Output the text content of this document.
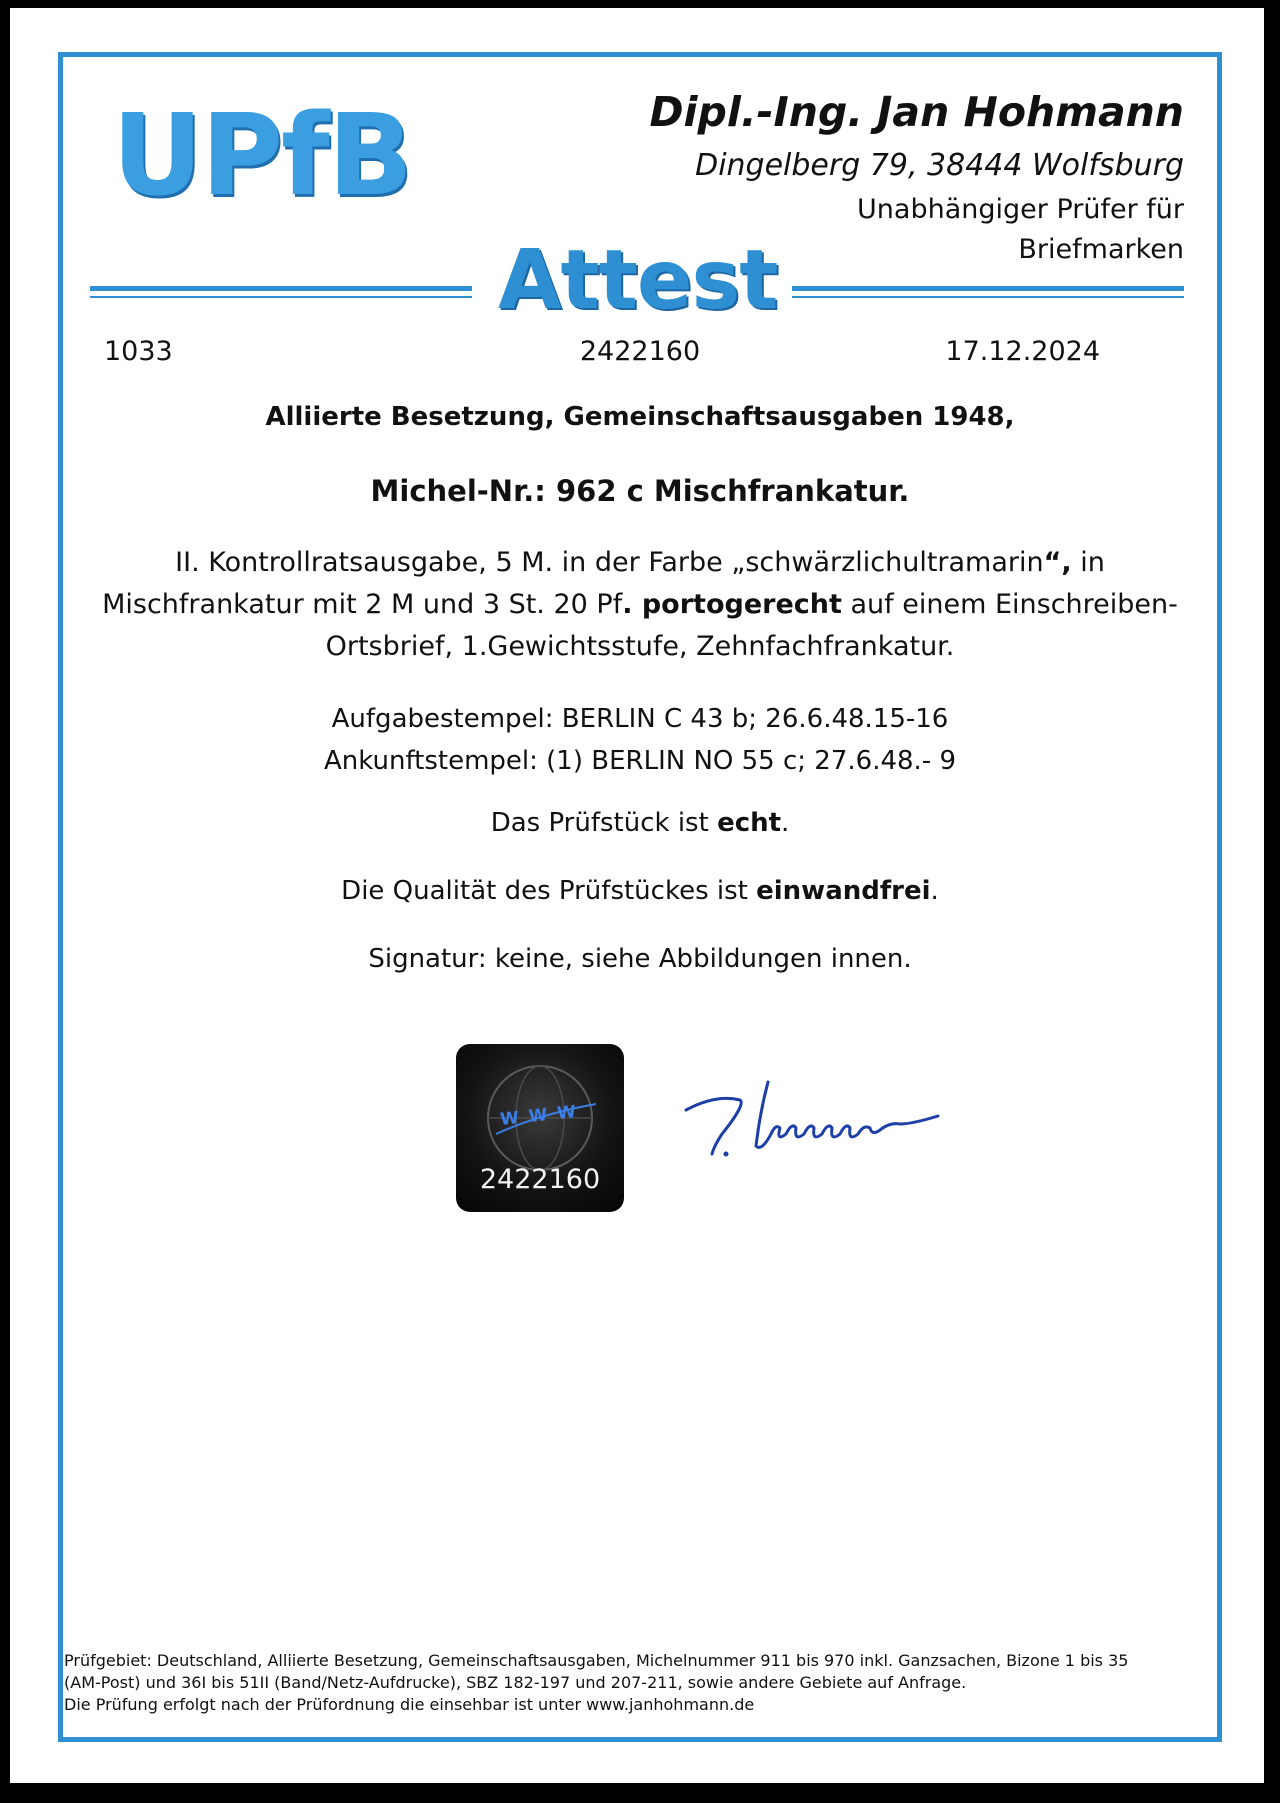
UPfB	Dipl.-Ing. Jan Hohmann
Dingelberg 79, 38444 Wolfsburg
Unabhängiger Prüfer für
Briefmarken
Attest
1033	2422160	17.12.2024
Alliierte Besetzung, Gemeinschaftsausgaben 1948,
Michel-Nr.: 962 c Mischfrankatur.
II. Kontrollratsausgabe, 5 M. in der Farbe „schwärzlichultramarin“, in
Mischfrankatur mit 2 M und 3 St. 20 Pf. portogerecht auf einem Einschreiben-
Ortsbrief, 1.Gewichtsstufe, Zehnfachfrankatur.
Aufgabestempel: BERLIN C 43 b; 26.6.48.15-16
Ankunftstempel: (1) BERLIN NO 55 c; 27.6.48.- 9
Das Prüfstück ist echt.
Die Qualität des Prüfstückes ist einwandfrei.
Signatur: keine, siehe Abbildungen innen.
W W W
2422160
Prüfgebiet: Deutschland, Alliierte Besetzung, Gemeinschaftsausgaben, Michelnummer 911 bis 970 inkl. Ganzsachen, Bizone 1 bis 35
(AM-Post) und 36I bis 51II (Band/Netz-Aufdrucke), SBZ 182-197 und 207-211, sowie andere Gebiete auf Anfrage.
Die Prüfung erfolgt nach der Prüfordnung die einsehbar ist unter www.janhohmann.de
